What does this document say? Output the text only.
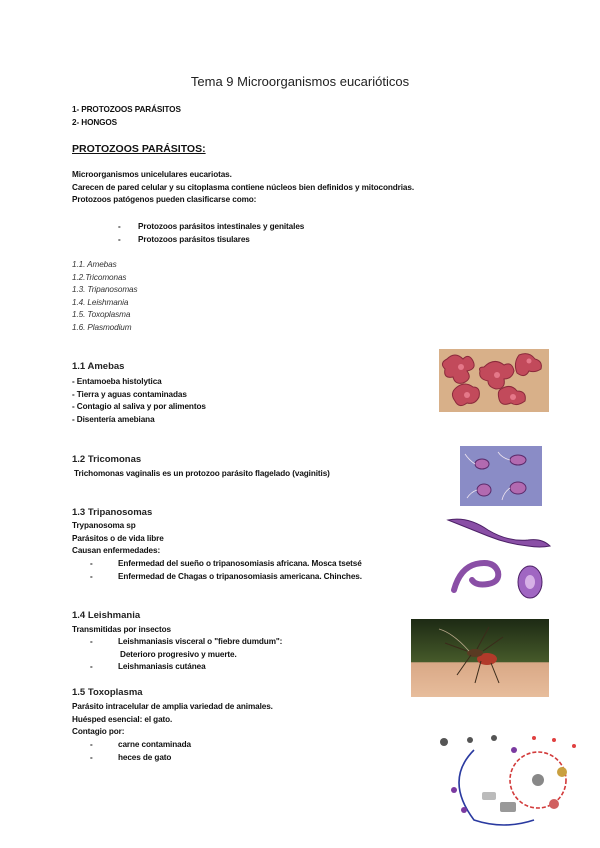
Tema 9 Microorganismos eucarióticos
1- PROTOZOOS PARÁSITOS
2- HONGOS
PROTOZOOS PARÁSITOS:
Microorganismos unicelulares eucariotas.
Carecen de pared celular y su citoplasma contiene núcleos bien definidos y mitocondrias.
Protozoos patógenos pueden clasificarse como:
- Protozoos parásitos intestinales y genitales
- Protozoos parásitos tisulares
1.1. Amebas
1.2.Tricomonas
1.3. Tripanosomas
1.4. Leishmania
1.5. Toxoplasma
1.6. Plasmodium
1.1 Amebas
- Entamoeba histolytica
- Tierra y aguas contaminadas
- Contagio al saliva y por alimentos
- Disentería amebiana
1.2 Tricomonas
Trichomonas vaginalis es un protozoo parásito flagelado (vaginitis)
1.3 Tripanosomas
Trypanosoma sp
Parásitos o de vida libre
Causan enfermedades:
- Enfermedad del sueño o tripanosomiasis africana. Mosca tsetsé
- Enfermedad de Chagas o tripanosomiasis americana. Chinches.
1.4 Leishmania
Transmitidas por insectos
- Leishmaniasis visceral o "fiebre dumdum":
Deterioro progresivo y muerte.
- Leishmaniasis cutánea
1.5 Toxoplasma
Parásito intracelular de amplia variedad de animales.
Huésped esencial: el gato.
Contagio por:
- carne contaminada
- heces de gato
